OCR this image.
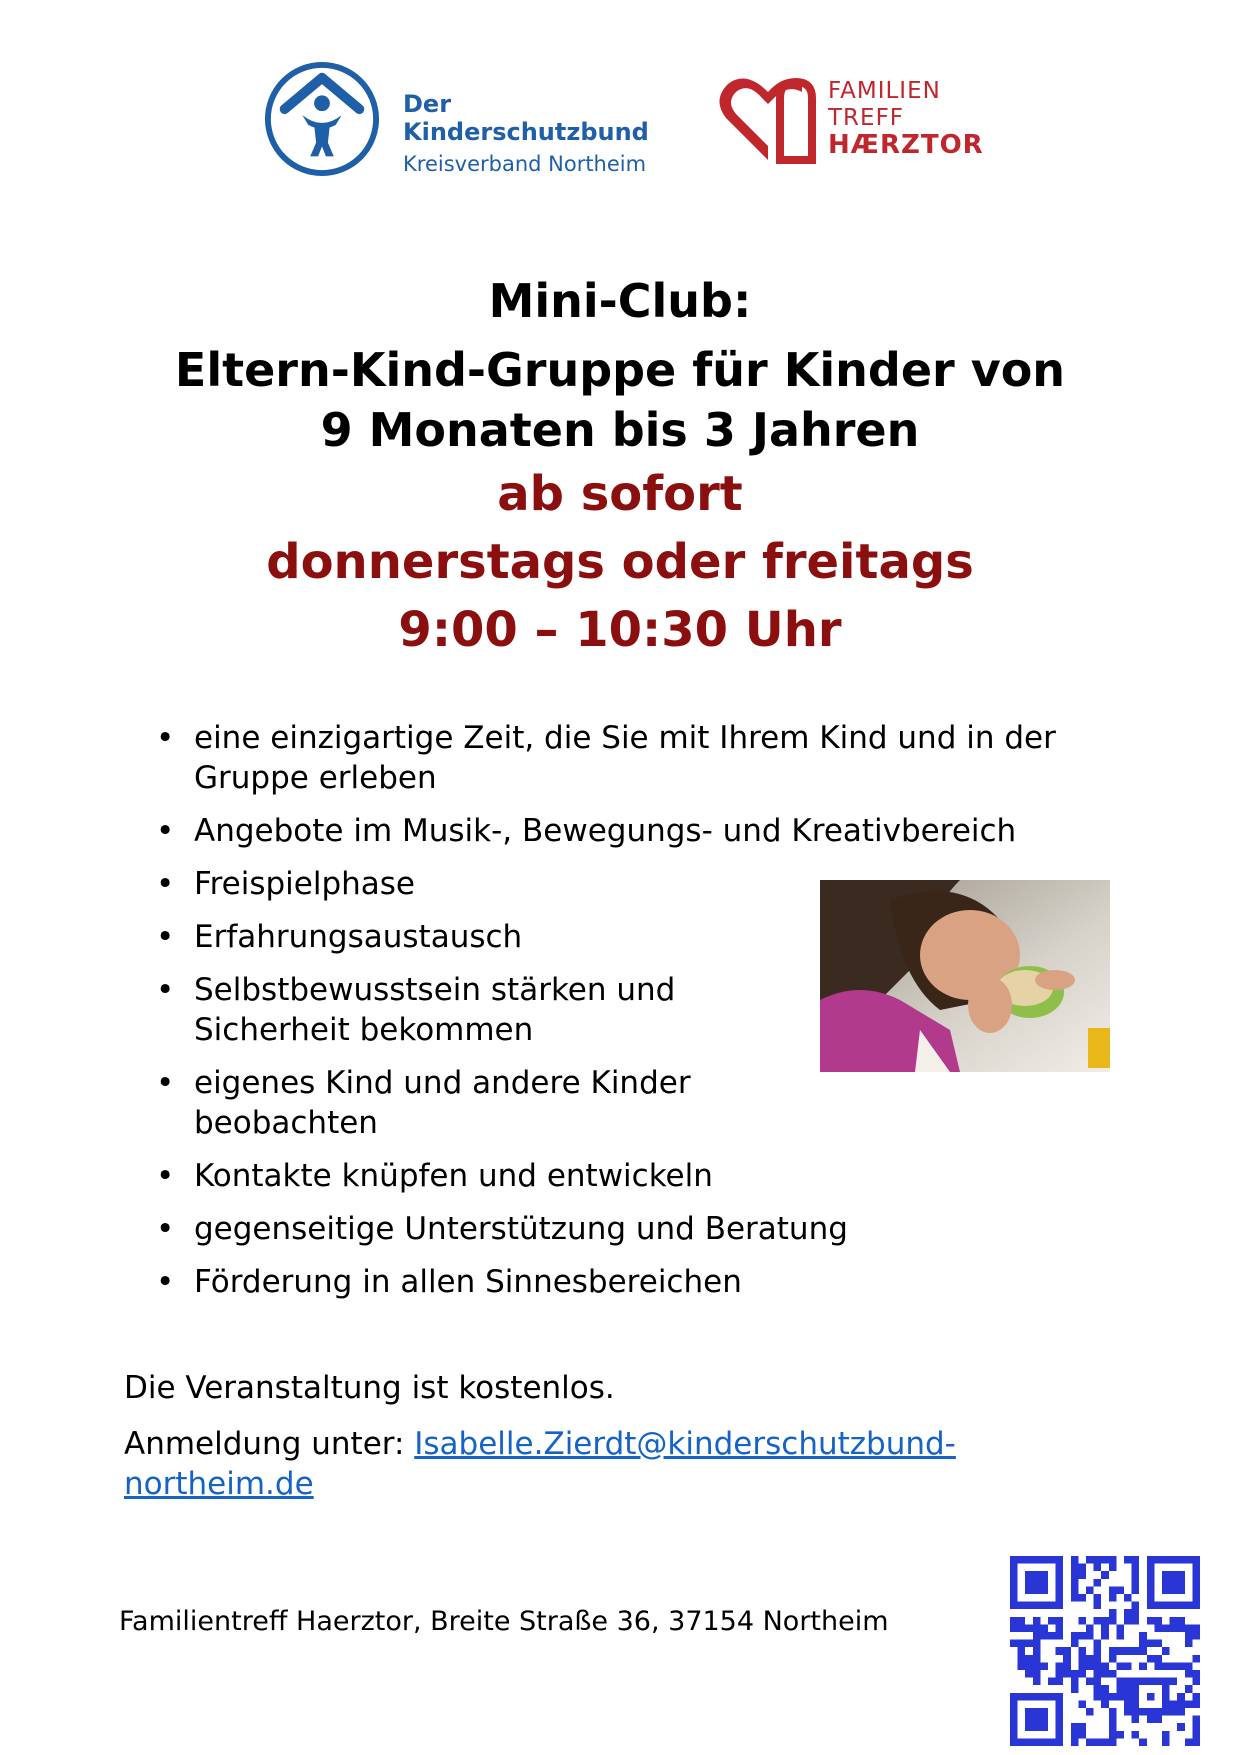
Der Kinderschutzbund
Kreisverband Northeim
FAMILIEN
TREFF
HÆRZTOR
Mini-Club:
Eltern-Kind-Gruppe für Kinder von
9 Monaten bis 3 Jahren
ab sofort
donnerstags oder freitags
9:00 – 10:30 Uhr
• eine einzigartige Zeit, die Sie mit Ihrem Kind und in der Gruppe erleben
• Angebote im Musik-, Bewegungs- und Kreativbereich
• Freispielphase
• Erfahrungsaustausch
• Selbstbewusstsein stärken und Sicherheit bekommen
• eigenes Kind und andere Kinder beobachten
• Kontakte knüpfen und entwickeln
• gegenseitige Unterstützung und Beratung
• Förderung in allen Sinnesbereichen
Die Veranstaltung ist kostenlos.
Anmeldung unter: Isabelle.Zierdt@kinderschutzbund-northeim.de
Familientreff Haerztor, Breite Straße 36, 37154 Northeim
